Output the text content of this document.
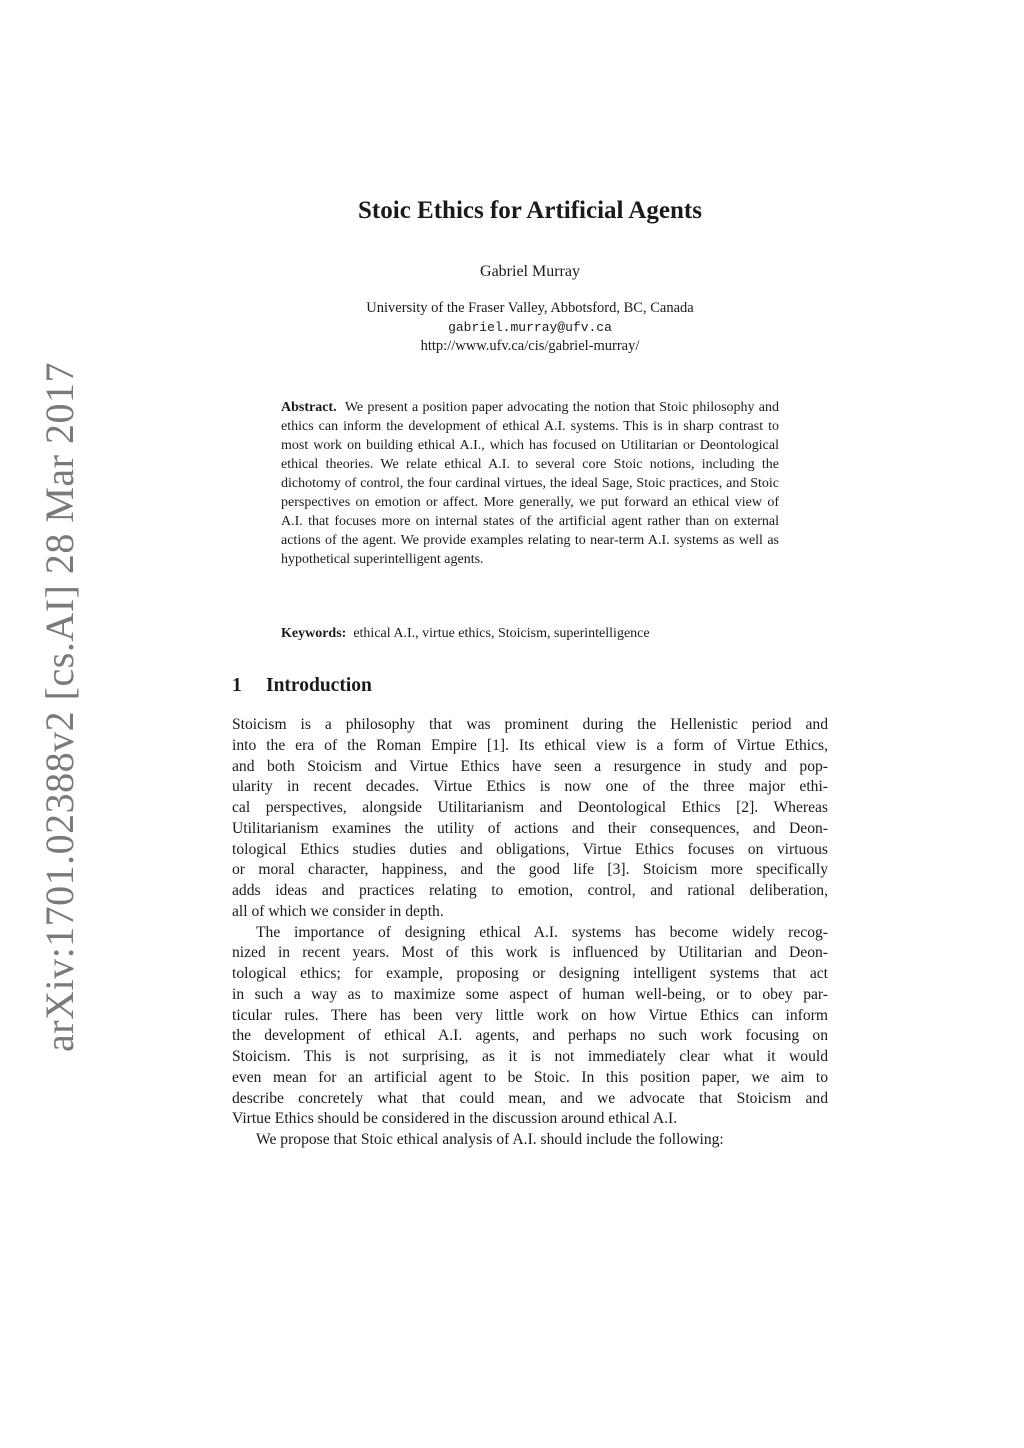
arXiv:1701.02388v2 [cs.AI] 28 Mar 2017
Stoic Ethics for Artificial Agents
Gabriel Murray
University of the Fraser Valley, Abbotsford, BC, Canada
gabriel.murray@ufv.ca
http://www.ufv.ca/cis/gabriel-murray/
Abstract. We present a position paper advocating the notion that Stoic philosophy and ethics can inform the development of ethical A.I. systems. This is in sharp contrast to most work on building ethical A.I., which has focused on Utilitarian or Deontological ethical theories. We relate ethical A.I. to several core Stoic notions, including the dichotomy of control, the four cardinal virtues, the ideal Sage, Stoic practices, and Stoic perspectives on emotion or affect. More generally, we put forward an ethical view of A.I. that focuses more on internal states of the artificial agent rather than on external actions of the agent. We provide examples relating to near-term A.I. systems as well as hypothetical superintelligent agents.
Keywords: ethical A.I., virtue ethics, Stoicism, superintelligence
1 Introduction
Stoicism is a philosophy that was prominent during the Hellenistic period and
into the era of the Roman Empire [1]. Its ethical view is a form of Virtue Ethics,
and both Stoicism and Virtue Ethics have seen a resurgence in study and pop-
ularity in recent decades. Virtue Ethics is now one of the three major ethi-
cal perspectives, alongside Utilitarianism and Deontological Ethics [2]. Whereas
Utilitarianism examines the utility of actions and their consequences, and Deon-
tological Ethics studies duties and obligations, Virtue Ethics focuses on virtuous
or moral character, happiness, and the good life [3]. Stoicism more specifically
adds ideas and practices relating to emotion, control, and rational deliberation,
all of which we consider in depth.
The importance of designing ethical A.I. systems has become widely recog-
nized in recent years. Most of this work is influenced by Utilitarian and Deon-
tological ethics; for example, proposing or designing intelligent systems that act
in such a way as to maximize some aspect of human well-being, or to obey par-
ticular rules. There has been very little work on how Virtue Ethics can inform
the development of ethical A.I. agents, and perhaps no such work focusing on
Stoicism. This is not surprising, as it is not immediately clear what it would
even mean for an artificial agent to be Stoic. In this position paper, we aim to
describe concretely what that could mean, and we advocate that Stoicism and
Virtue Ethics should be considered in the discussion around ethical A.I.
We propose that Stoic ethical analysis of A.I. should include the following:
